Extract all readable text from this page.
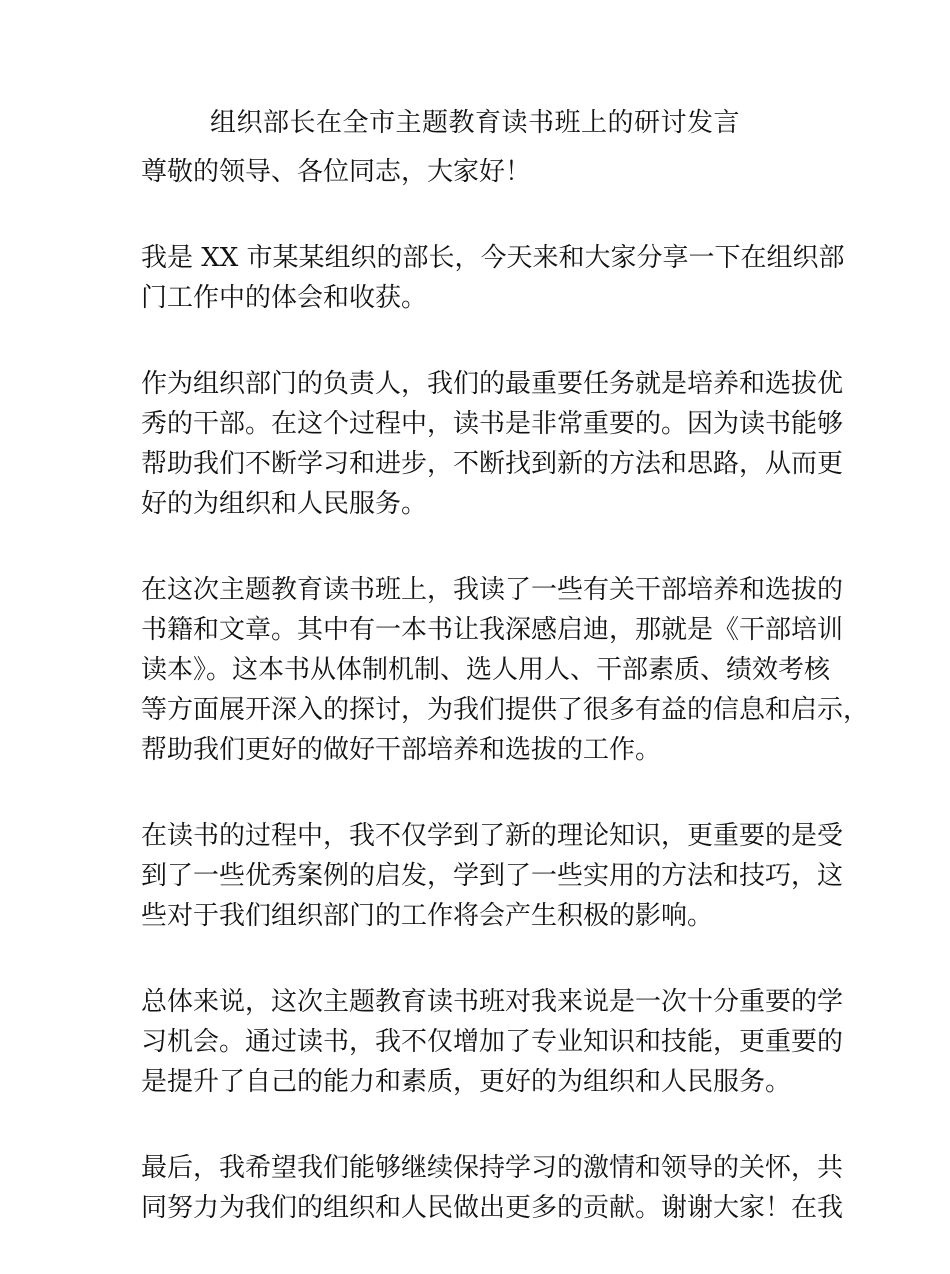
组织部长在全市主题教育读书班上的研讨发言

尊敬的领导、各位同志，大家好！

我是 XX 市某某组织的部长，今天来和大家分享一下在组织部
门工作中的体会和收获。

作为组织部门的负责人，我们的最重要任务就是培养和选拔优
秀的干部。在这个过程中，读书是非常重要的。因为读书能够
帮助我们不断学习和进步，不断找到新的方法和思路，从而更
好的为组织和人民服务。

在这次主题教育读书班上，我读了一些有关干部培养和选拔的
书籍和文章。其中有一本书让我深感启迪，那就是《干部培训
读本》。这本书从体制机制、选人用人、干部素质、绩效考核
等方面展开深入的探讨，为我们提供了很多有益的信息和启示，
帮助我们更好的做好干部培养和选拔的工作。

在读书的过程中，我不仅学到了新的理论知识，更重要的是受
到了一些优秀案例的启发，学到了一些实用的方法和技巧，这
些对于我们组织部门的工作将会产生积极的影响。

总体来说，这次主题教育读书班对我来说是一次十分重要的学
习机会。通过读书，我不仅增加了专业知识和技能，更重要的
是提升了自己的能力和素质，更好的为组织和人民服务。

最后，我希望我们能够继续保持学习的激情和领导的关怀，共
同努力为我们的组织和人民做出更多的贡献。谢谢大家！在我
